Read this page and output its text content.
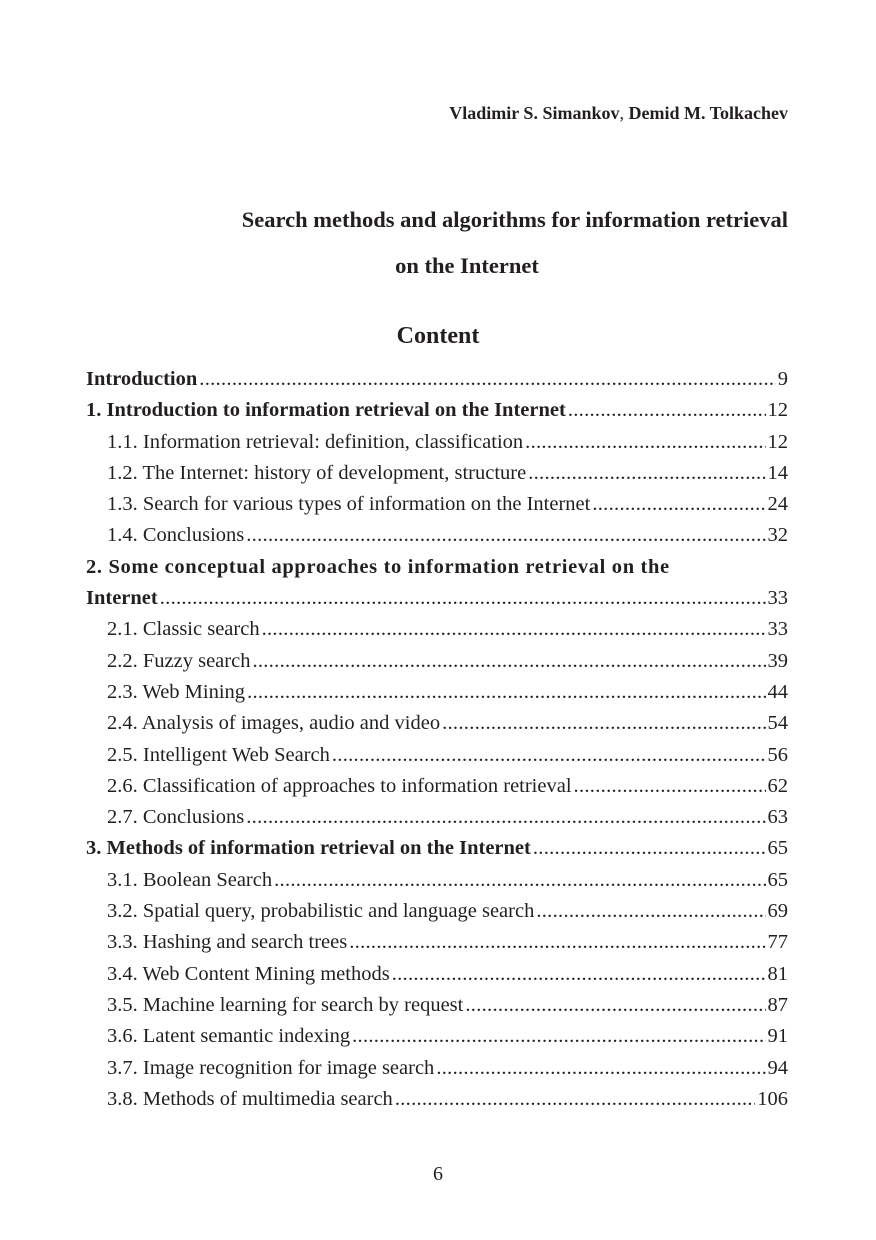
Vladimir S. Simankov, Demid M. Tolkachev
Search methods and algorithms for information retrieval
on the Internet
Content
Introduction .....	9
1. Introduction to information retrieval on the Internet .....	12
1.1. Information retrieval: definition, classification .....	12
1.2. The Internet: history of development, structure .....	14
1.3. Search for various types of information on the Internet .....	24
1.4. Conclusions .....	32
2. Some conceptual approaches to information retrieval on the
Internet .....	33
2.1. Classic search .....	33
2.2. Fuzzy search .....	39
2.3. Web Mining .....	44
2.4. Analysis of images, audio and video .....	54
2.5. Intelligent Web Search .....	56
2.6. Classification of approaches to information retrieval .....	62
2.7. Conclusions .....	63
3. Methods of information retrieval on the Internet .....	65
3.1. Boolean Search .....	65
3.2. Spatial query, probabilistic and language search .....	69
3.3. Hashing and search trees .....	77
3.4. Web Content Mining methods .....	81
3.5. Machine learning for search by request .....	87
3.6. Latent semantic indexing .....	91
3.7. Image recognition for image search .....	94
3.8. Methods of multimedia search .....	106
6
